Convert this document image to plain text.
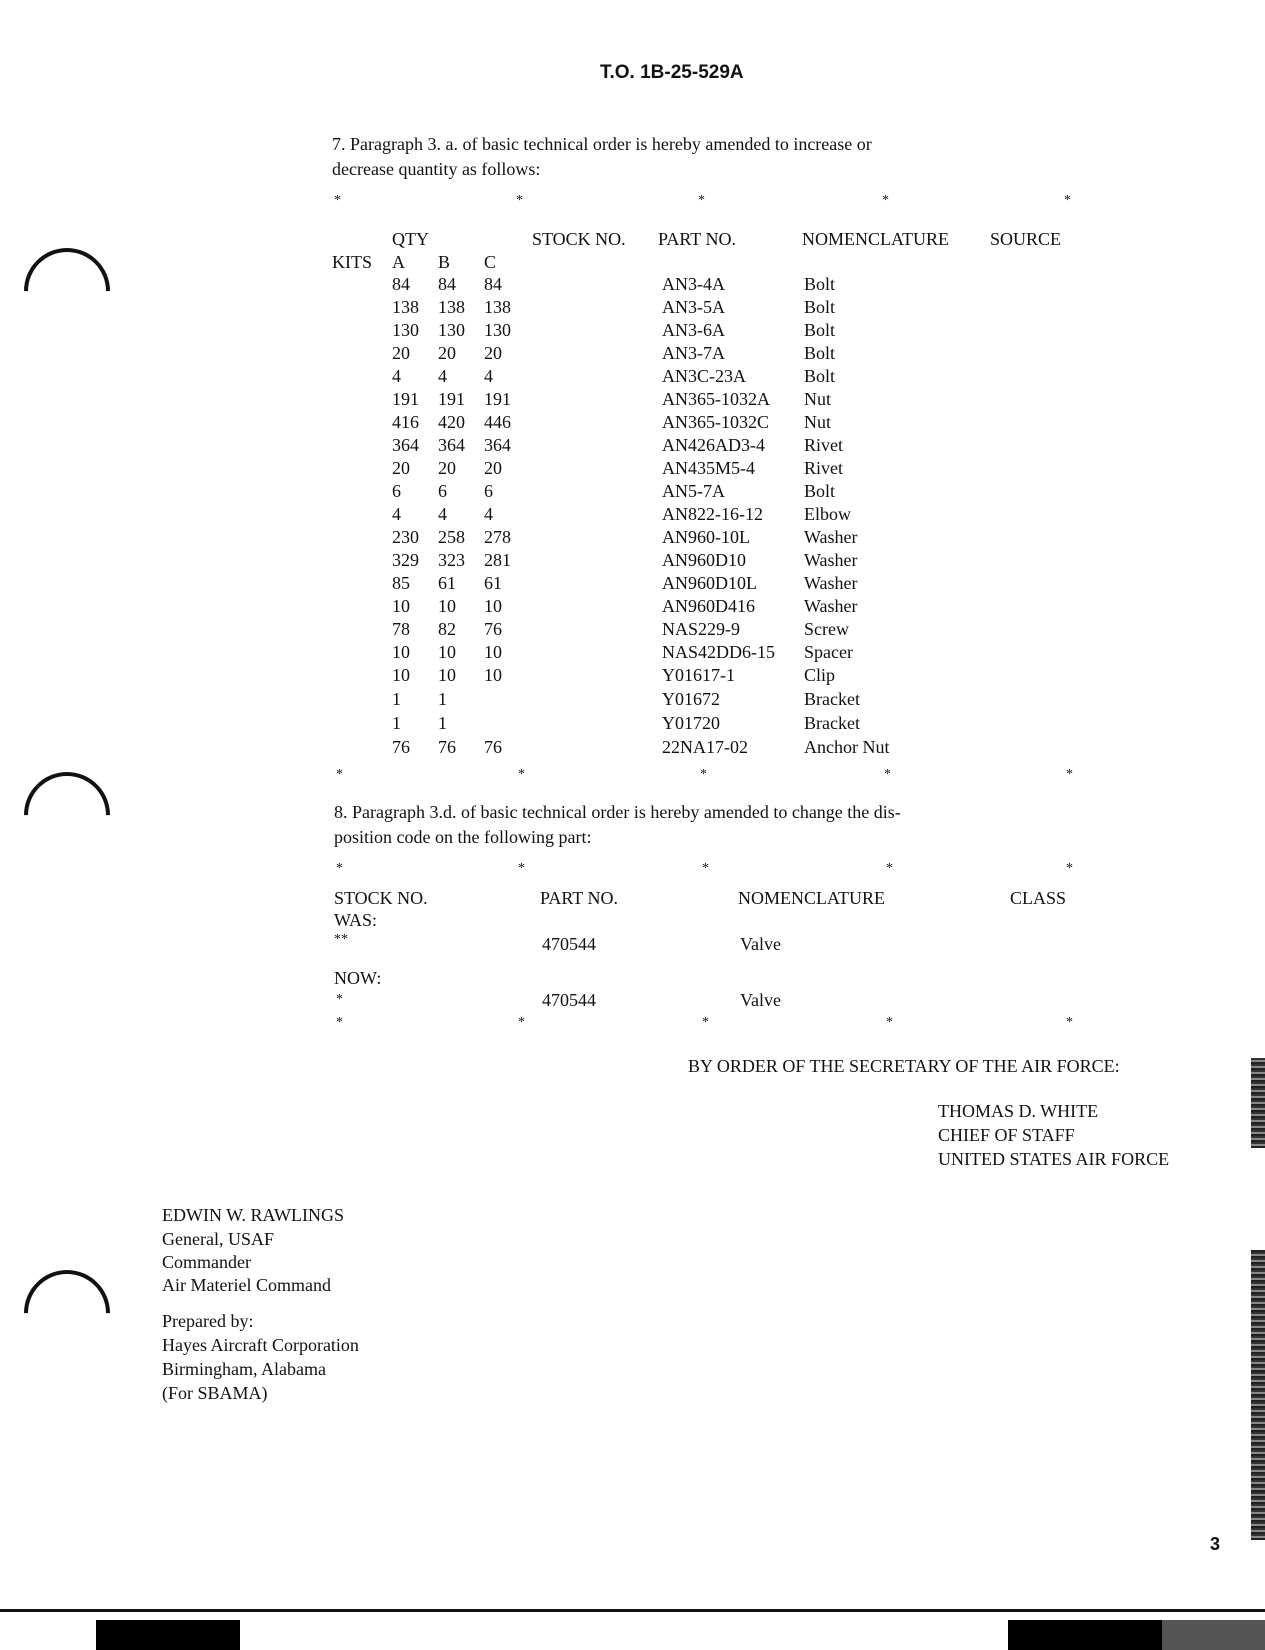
T.O. 1B-25-529A
7. Paragraph 3. a. of basic technical order is hereby amended to increase or
decrease quantity as follows:
*	*	*	*	*
QTY	STOCK NO. PART NO.	NOMENCLATURE SOURCE
KITS A B C
84 84 84	AN3-4A	Bolt
138 138 138	AN3-5A	Bolt
130 130 130	AN3-6A	Bolt
20 20 20	AN3-7A	Bolt
4 4 4	AN3C-23A	Bolt
191 191 191	AN365-1032A Nut
416 420 446	AN365-1032C Nut
364 364 364	AN426AD3-4 Rivet
20 20 20	AN435M5-4	Rivet
6 6 6	AN5-7A	Bolt
4 4 4	AN822-16-12 Elbow
230 258 278	AN960-10L	Washer
329 323 281	AN960D10	Washer
85 61 61	AN960D10L	Washer
10 10 10	AN960D416	Washer
78 82 76	NAS229-9	Screw
10 10 10	NAS42DD6-15 Spacer
10 10 10	Y01617-1	Clip
1 1	Y01672	Bracket
1 1	Y01720	Bracket
76 76 76	22NA17-02	Anchor Nut
*	*	*	*	*
8. Paragraph 3.d. of basic technical order is hereby amended to change the dis-
position code on the following part:
*	*	*	*	*
STOCK NO.	PART NO.	NOMENCLATURE	CLASS
WAS:
**	470544	Valve
NOW:
*	470544	Valve
*	*	*	*	*
BY ORDER OF THE SECRETARY OF THE AIR FORCE:
THOMAS D. WHITE
CHIEF OF STAFF
UNITED STATES AIR FORCE
EDWIN W. RAWLINGS
General, USAF
Commander
Air Materiel Command
Prepared by:
Hayes Aircraft Corporation
Birmingham, Alabama
(For SBAMA)
3
